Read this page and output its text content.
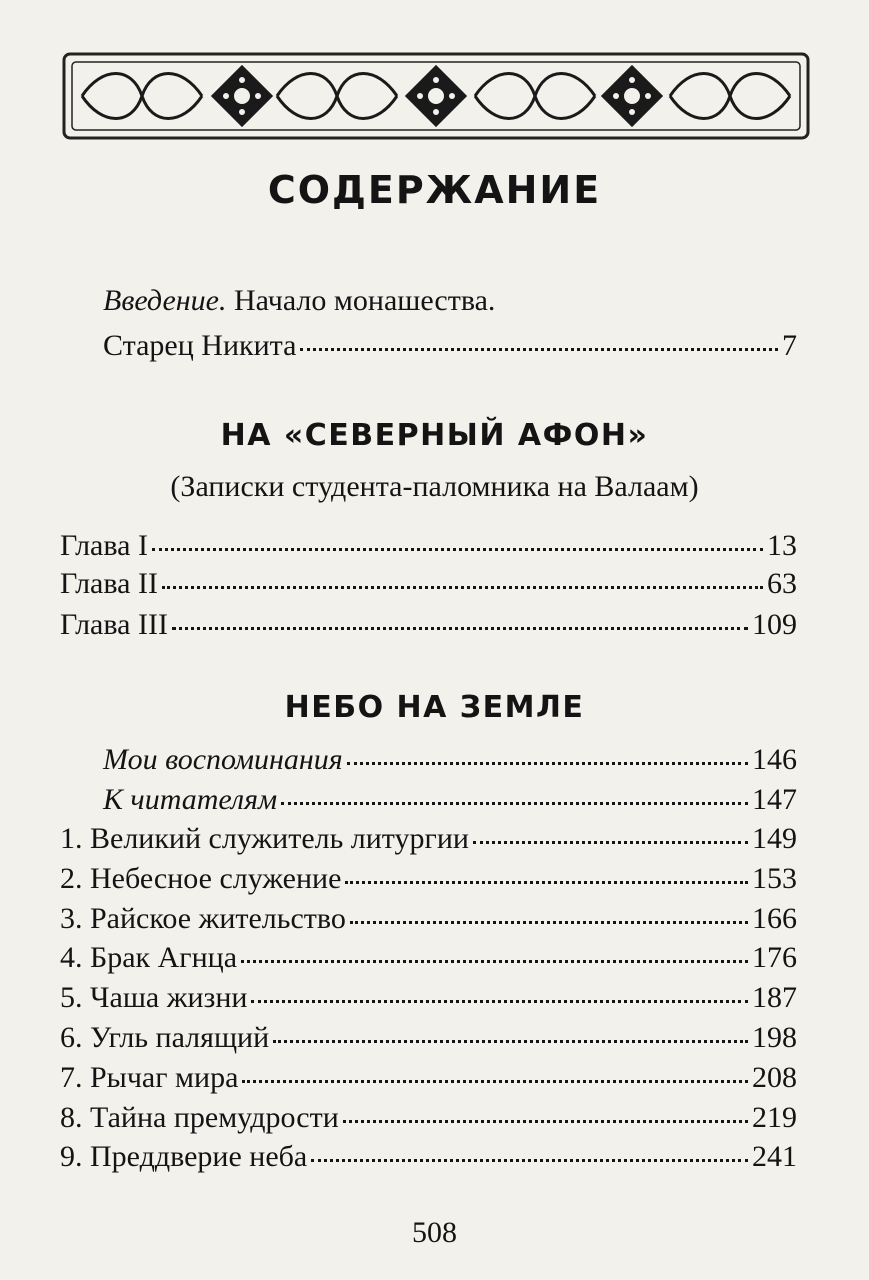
СОДЕРЖАНИЕ
Введение. Начало монашества.
Старец Никита	7
НА «СЕВЕРНЫЙ АФОН»
(Записки студента-паломника на Валаам)
Глава I	13
Глава II	63
Глава III	109
НЕБО НА ЗЕМЛЕ
Мои воспоминания	146
К читателям	147
1. Великий служитель литургии	149
2. Небесное служение	153
3. Райское жительство	166
4. Брак Агнца	176
5. Чаша жизни	187
6. Угль палящий	198
7. Рычаг мира	208
8. Тайна премудрости	219
9. Преддверие неба	241
508
